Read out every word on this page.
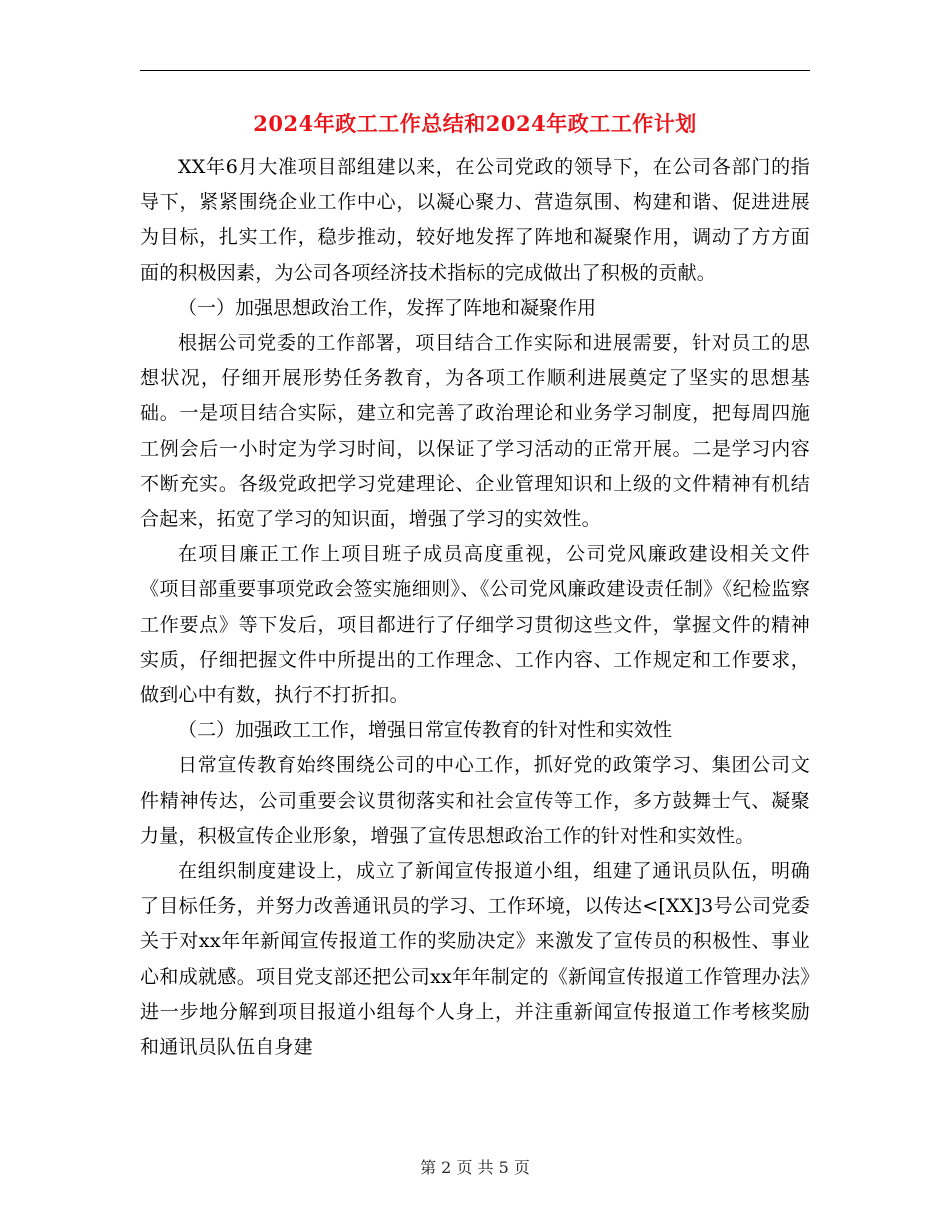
2024年政工工作总结和2024年政工工作计划

XX年6月大准项目部组建以来，在公司党政的领导下，在公司各部门的指导下，紧紧围绕企业工作中心，以凝心聚力、营造氛围、构建和谐、促进进展为目标，扎实工作，稳步推动，较好地发挥了阵地和凝聚作用，调动了方方面面的积极因素，为公司各项经济技术指标的完成做出了积极的贡献。

（一）加强思想政治工作，发挥了阵地和凝聚作用

根据公司党委的工作部署，项目结合工作实际和进展需要，针对员工的思想状况，仔细开展形势任务教育，为各项工作顺利进展奠定了坚实的思想基础。一是项目结合实际，建立和完善了政治理论和业务学习制度，把每周四施工例会后一小时定为学习时间，以保证了学习活动的正常开展。二是学习内容不断充实。各级党政把学习党建理论、企业管理知识和上级的文件精神有机结合起来，拓宽了学习的知识面，增强了学习的实效性。

在项目廉正工作上项目班子成员高度重视，公司党风廉政建设相关文件《项目部重要事项党政会签实施细则》、《公司党风廉政建设责任制》《纪检监察工作要点》等下发后，项目都进行了仔细学习贯彻这些文件，掌握文件的精神实质，仔细把握文件中所提出的工作理念、工作内容、工作规定和工作要求，做到心中有数，执行不打折扣。

（二）加强政工工作，增强日常宣传教育的针对性和实效性

日常宣传教育始终围绕公司的中心工作，抓好党的政策学习、集团公司文件精神传达，公司重要会议贯彻落实和社会宣传等工作，多方鼓舞士气、凝聚力量，积极宣传企业形象，增强了宣传思想政治工作的针对性和实效性。

在组织制度建设上，成立了新闻宣传报道小组，组建了通讯员队伍，明确了目标任务，并努力改善通讯员的学习、工作环境，以传达<[XX]3号公司党委关于对xx年年新闻宣传报道工作的奖励决定》来激发了宣传员的积极性、事业心和成就感。项目党支部还把公司xx年年制定的《新闻宣传报道工作管理办法》进一步地分解到项目报道小组每个人身上，并注重新闻宣传报道工作考核奖励和通讯员队伍自身建

第 2 页 共 5 页
